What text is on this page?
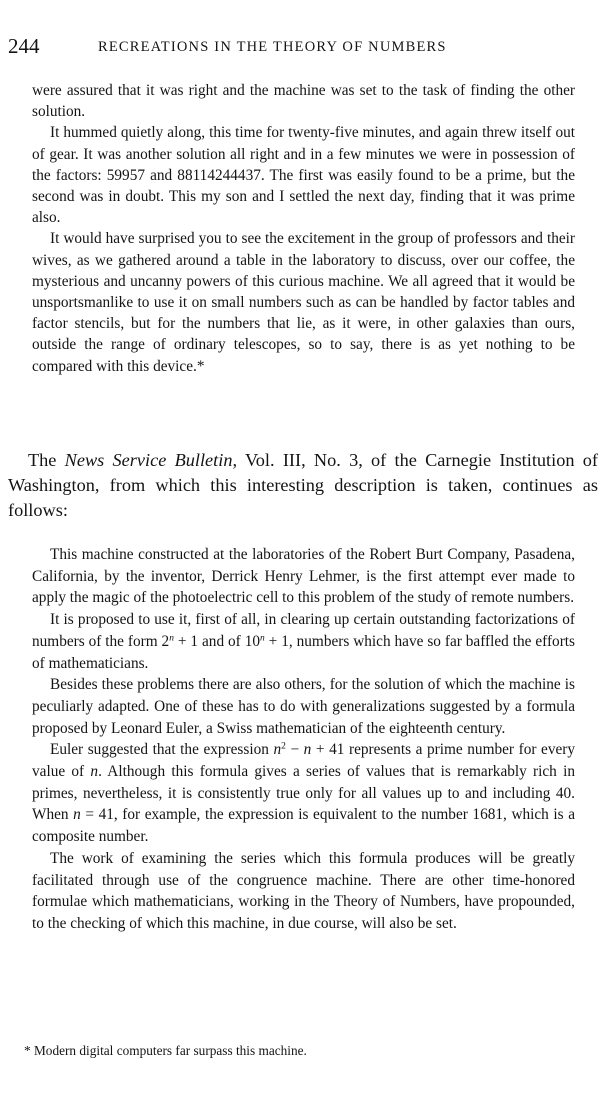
244	RECREATIONS IN THE THEORY OF NUMBERS

were assured that it was right and the machine was set to the task of finding the other solution.

It hummed quietly along, this time for twenty-five minutes, and again threw itself out of gear. It was another solution all right and in a few minutes we were in possession of the factors: 59957 and 88114244437. The first was easily found to be a prime, but the second was in doubt. This my son and I settled the next day, finding that it was prime also.

It would have surprised you to see the excitement in the group of professors and their wives, as we gathered around a table in the laboratory to discuss, over our coffee, the mysterious and uncanny powers of this curious machine. We all agreed that it would be unsportsmanlike to use it on small numbers such as can be handled by factor tables and factor stencils, but for the numbers that lie, as it were, in other galaxies than ours, outside the range of ordinary telescopes, so to say, there is as yet nothing to be compared with this device.*

The News Service Bulletin, Vol. III, No. 3, of the Carnegie Institution of Washington, from which this interesting description is taken, continues as follows:

This machine constructed at the laboratories of the Robert Burt Company, Pasadena, California, by the inventor, Derrick Henry Lehmer, is the first attempt ever made to apply the magic of the photoelectric cell to this problem of the study of remote numbers.

It is proposed to use it, first of all, in clearing up certain outstanding factorizations of numbers of the form $2^n + 1$ and of $10^n + 1$, numbers which have so far baffled the efforts of mathematicians.

Besides these problems there are also others, for the solution of which the machine is peculiarly adapted. One of these has to do with generalizations suggested by a formula proposed by Leonard Euler, a Swiss mathematician of the eighteenth century.

Euler suggested that the expression $n^2 - n + 41$ represents a prime number for every value of n. Although this formula gives a series of values that is remarkably rich in primes, nevertheless, it is consistently true only for all values up to and including 40. When n = 41, for example, the expression is equivalent to the number 1681, which is a composite number.

The work of examining the series which this formula produces will be greatly facilitated through use of the congruence machine. There are other time-honored formulae which mathematicians, working in the Theory of Numbers, have propounded, to the checking of which this machine, in due course, will also be set.

* Modern digital computers far surpass this machine.
